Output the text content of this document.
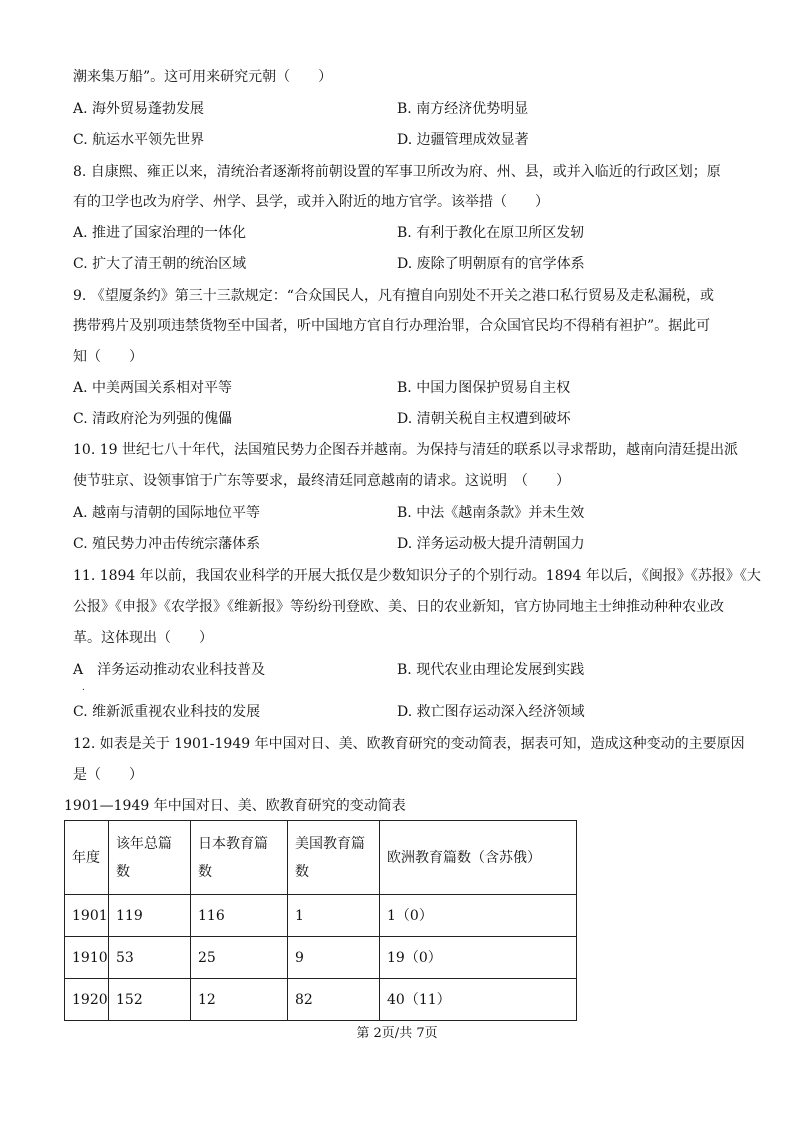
潮来集万船”。这可用来研究元朝（　　）
A. 海外贸易蓬勃发展	B. 南方经济优势明显
C. 航运水平领先世界	D. 边疆管理成效显著
8. 自康熙、雍正以来，清统治者逐渐将前朝设置的军事卫所改为府、州、县，或并入临近的行政区划；原
有的卫学也改为府学、州学、县学，或并入附近的地方官学。该举措（　　）
A. 推进了国家治理的一体化	B. 有利于教化在原卫所区发轫
C. 扩大了清王朝的统治区域	D. 废除了明朝原有的官学体系
9. 《望厦条约》第三十三款规定：“合众国民人，凡有擅自向别处不开关之港口私行贸易及走私漏税，或
携带鸦片及别项违禁货物至中国者，听中国地方官自行办理治罪，合众国官民均不得稍有袒护”。据此可
知（　　）
A. 中美两国关系相对平等	B. 中国力图保护贸易自主权
C. 清政府沦为列强的傀儡	D. 清朝关税自主权遭到破坏
10. 19 世纪七八十年代，法国殖民势力企图吞并越南。为保持与清廷的联系以寻求帮助，越南向清廷提出派
使节驻京、设领事馆于广东等要求，最终清廷同意越南的请求。这说明　（　　）
A. 越南与清朝的国际地位平等	B. 中法《越南条款》并未生效
C. 殖民势力冲击传统宗藩体系	D. 洋务运动极大提升清朝国力
11. 1894 年以前，我国农业科学的开展大抵仅是少数知识分子的个别行动。1894 年以后，《闽报》《苏报》《大
公报》《申报》《农学报》《维新报》等纷纷刊登欧、美、日的农业新知，官方协同地主士绅推动种种农业改
革。这体现出（　　）
A　洋务运动推动农业科技普及
.
B. 现代农业由理论发展到实践
C. 维新派重视农业科技的发展	D. 救亡图存运动深入经济领域
12. 如表是关于 1901-1949 年中国对日、美、欧教育研究的变动简表，据表可知，造成这种变动的主要原因
是（　　）
1901—1949 年中国对日、美、欧教育研究的变动简表
年度	该年总篇数	日本教育篇数	美国教育篇数	欧洲教育篇数（含苏俄）
1901	119	116	1	1（0）
1910	53	25	9	19（0）
1920	152	12	82	40（11）
第 2页/共 7页
